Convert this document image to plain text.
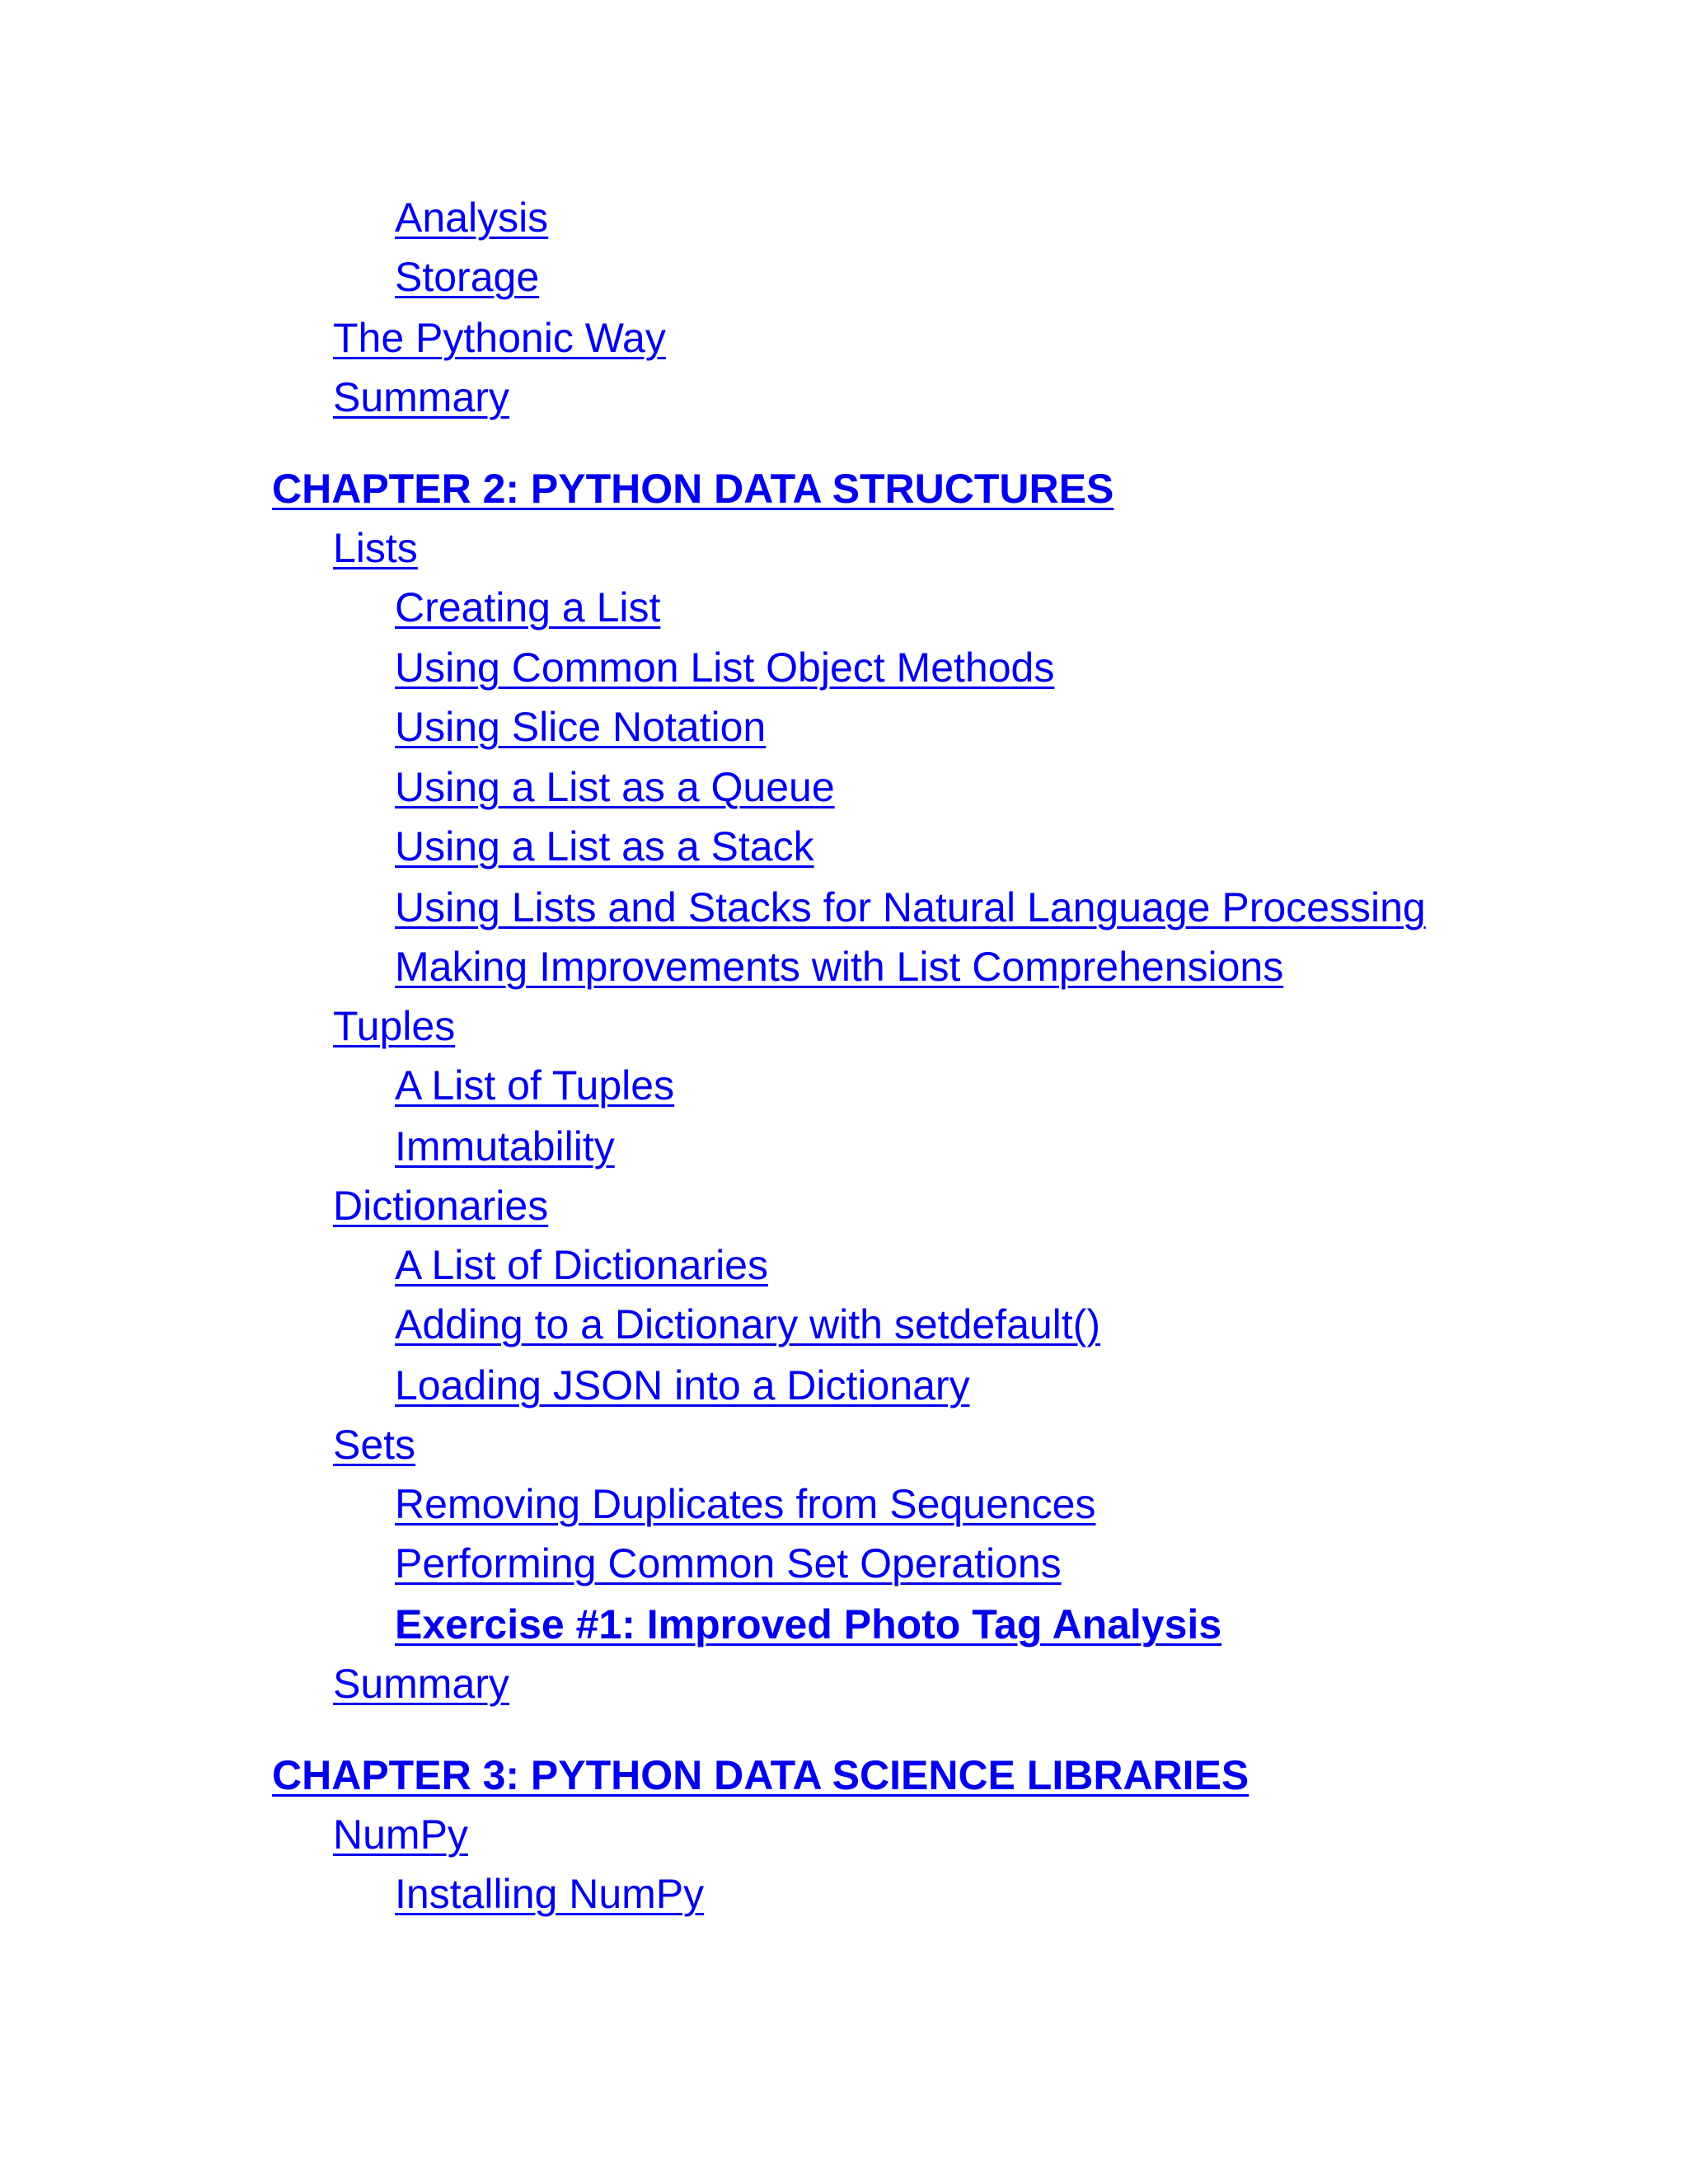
Analysis
Storage
The Pythonic Way
Summary
CHAPTER 2: PYTHON DATA STRUCTURES
Lists
Creating a List
Using Common List Object Methods
Using Slice Notation
Using a List as a Queue
Using a List as a Stack
Using Lists and Stacks for Natural Language Processing
Making Improvements with List Comprehensions
Tuples
A List of Tuples
Immutability
Dictionaries
A List of Dictionaries
Adding to a Dictionary with setdefault()
Loading JSON into a Dictionary
Sets
Removing Duplicates from Sequences
Performing Common Set Operations
Exercise #1: Improved Photo Tag Analysis
Summary
CHAPTER 3: PYTHON DATA SCIENCE LIBRARIES
NumPy
Installing NumPy
